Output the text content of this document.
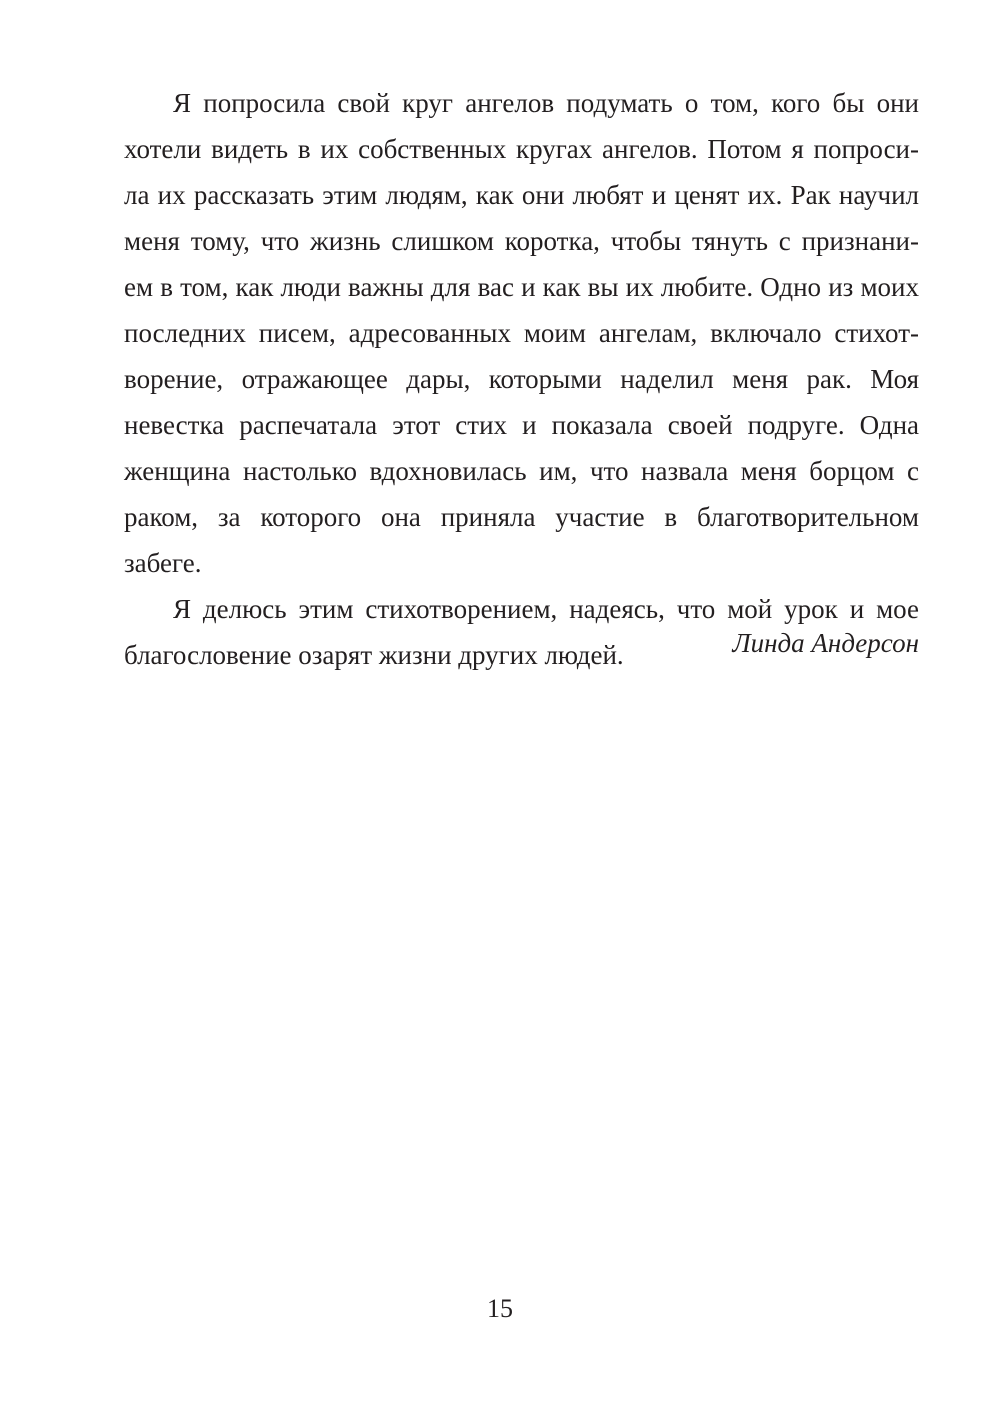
Я попросила свой круг ангелов подумать о том, кого бы они
хотели видеть в их собственных кругах ангелов. Потом я попроси-
ла их рассказать этим людям, как они любят и ценят их. Рак научил
меня тому, что жизнь слишком коротка, чтобы тянуть с признани-
ем в том, как люди важны для вас и как вы их любите. Одно из моих
последних писем, адресованных моим ангелам, включало стихот-
ворение, отражающее дары, которыми наделил меня рак. Моя
невестка распечатала этот стих и показала своей подруге. Одна
женщина настолько вдохновилась им, что назвала меня борцом с
раком, за которого она приняла участие в благотворительном
забеге.
Я делюсь этим стихотворением, надеясь, что мой урок и мое
благословение озарят жизни других людей.	Линда Андерсон
15
